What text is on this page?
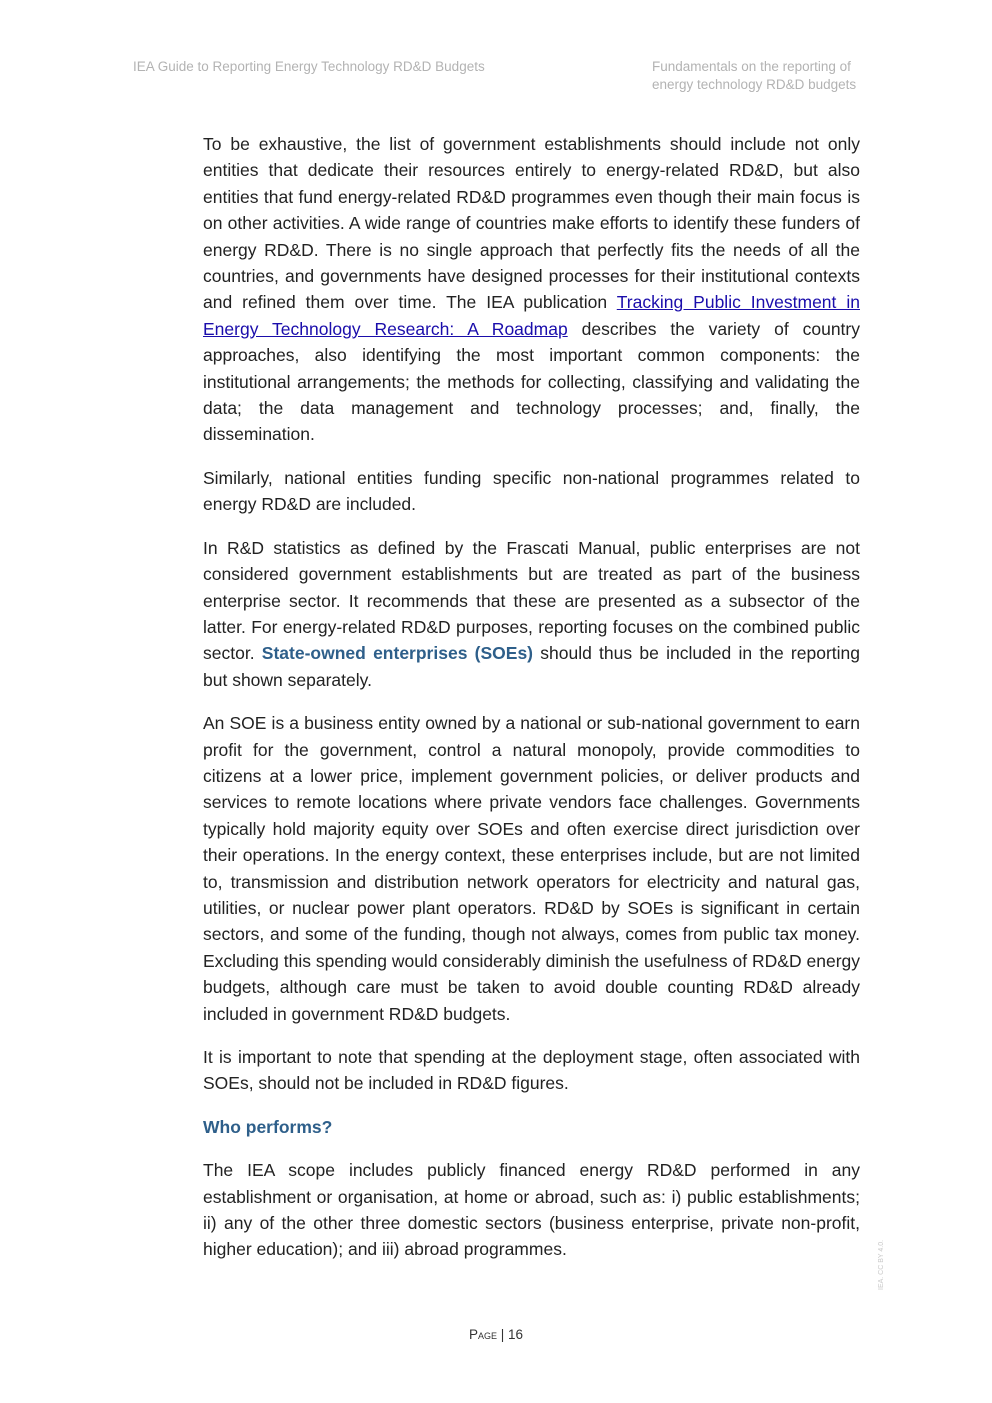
IEA Guide to Reporting Energy Technology RD&D Budgets	Fundamentals on the reporting of
energy technology RD&D budgets

To be exhaustive, the list of government establishments should include not only entities that dedicate their resources entirely to energy-related RD&D, but also entities that fund energy-related RD&D programmes even though their main focus is on other activities. A wide range of countries make efforts to identify these funders of energy RD&D. There is no single approach that perfectly fits the needs of all the countries, and governments have designed processes for their institutional contexts and refined them over time. The IEA publication Tracking Public Investment in Energy Technology Research: A Roadmap describes the variety of country approaches, also identifying the most important common components: the institutional arrangements; the methods for collecting, classifying and validating the data; the data management and technology processes; and, finally, the dissemination.

Similarly, national entities funding specific non-national programmes related to energy RD&D are included.

In R&D statistics as defined by the Frascati Manual, public enterprises are not considered government establishments but are treated as part of the business enterprise sector. It recommends that these are presented as a subsector of the latter. For energy-related RD&D purposes, reporting focuses on the combined public sector. State-owned enterprises (SOEs) should thus be included in the reporting but shown separately.

An SOE is a business entity owned by a national or sub-national government to earn profit for the government, control a natural monopoly, provide commodities to citizens at a lower price, implement government policies, or deliver products and services to remote locations where private vendors face challenges. Governments typically hold majority equity over SOEs and often exercise direct jurisdiction over their operations. In the energy context, these enterprises include, but are not limited to, transmission and distribution network operators for electricity and natural gas, utilities, or nuclear power plant operators. RD&D by SOEs is significant in certain sectors, and some of the funding, though not always, comes from public tax money. Excluding this spending would considerably diminish the usefulness of RD&D energy budgets, although care must be taken to avoid double counting RD&D already included in government RD&D budgets.

It is important to note that spending at the deployment stage, often associated with SOEs, should not be included in RD&D figures.

Who performs?

The IEA scope includes publicly financed energy RD&D performed in any establishment or organisation, at home or abroad, such as: i) public establishments; ii) any of the other three domestic sectors (business enterprise, private non-profit, higher education); and iii) abroad programmes.

Page | 16
IEA. CC BY 4.0.
